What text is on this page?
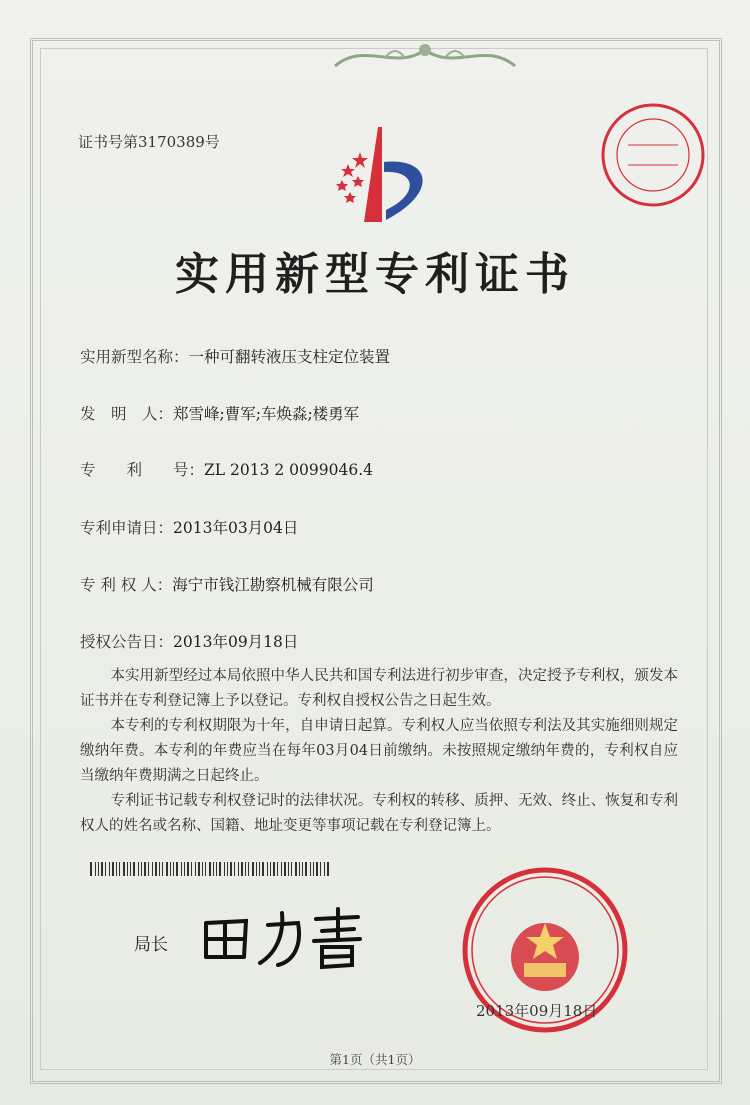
证书号第3170389号
实用新型专利证书
实用新型名称：一种可翻转液压支柱定位装置
发　明　人：郑雪峰;曹军;车焕淼;楼勇军
专　　利　　号：ZL 2013 2 0099046.4
专利申请日：2013年03月04日
专 利 权 人：海宁市钱江勘察机械有限公司
授权公告日：2013年09月18日

本实用新型经过本局依照中华人民共和国专利法进行初步审查，决定授予专利权，颁发本证书并在专利登记簿上予以登记。专利权自授权公告之日起生效。

本专利的专利权期限为十年，自申请日起算。专利权人应当依照专利法及其实施细则规定缴纳年费。本专利的年费应当在每年03月04日前缴纳。未按照规定缴纳年费的，专利权自应当缴纳年费期满之日起终止。

专利证书记载专利权登记时的法律状况。专利权的转移、质押、无效、终止、恢复和专利权人的姓名或名称、国籍、地址变更等事项记载在专利登记簿上。

局长
2013年09月18日
第1页（共1页）
